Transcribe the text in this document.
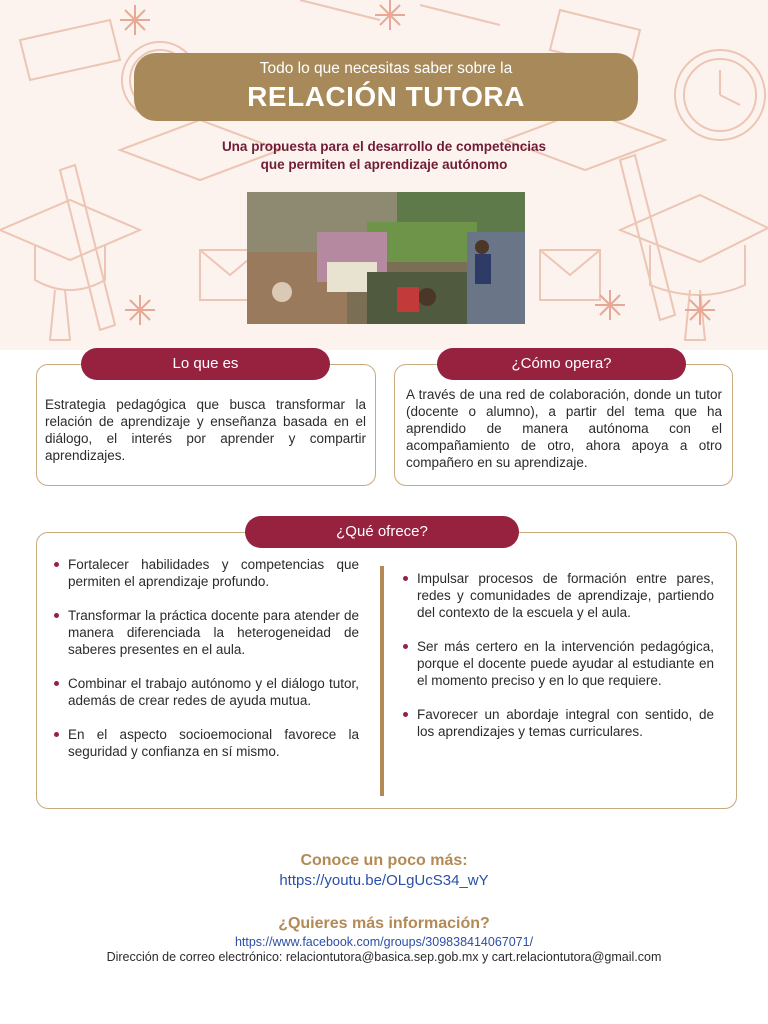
Todo lo que necesitas saber sobre la
RELACIÓN TUTORA
Una propuesta para el desarrollo de competencias
que permiten el aprendizaje autónomo
Lo que es
Estrategia pedagógica que busca transformar la relación de aprendizaje y enseñanza basada en el diálogo, el interés por aprender y compartir aprendizajes.
¿Cómo opera?
A través de una red de colaboración, donde un tutor (docente o alumno), a partir del tema que ha aprendido de manera autónoma con el acompañamiento de otro, ahora apoya a otro compañero en su aprendizaje.
¿Qué ofrece?
Fortalecer habilidades y competencias que permiten el aprendizaje profundo.
Transformar la práctica docente para atender de manera diferenciada la heterogeneidad de saberes presentes en el aula.
Combinar el trabajo autónomo y el diálogo tutor, además de crear redes de ayuda mutua.
En el aspecto socioemocional favorece la seguridad y confianza en sí mismo.
Impulsar procesos de formación entre pares, redes y comunidades de aprendizaje, partiendo del contexto de la escuela y el aula.
Ser más certero en la intervención pedagógica, porque el docente puede ayudar al estudiante en el momento preciso y en lo que requiere.
Favorecer un abordaje integral con sentido, de los aprendizajes y temas curriculares.
Conoce un poco más:
https://youtu.be/OLgUcS34_wY
¿Quieres más información?
https://www.facebook.com/groups/309838414067071/
Dirección de correo electrónico: relaciontutora@basica.sep.gob.mx y cart.relaciontutora@gmail.com
